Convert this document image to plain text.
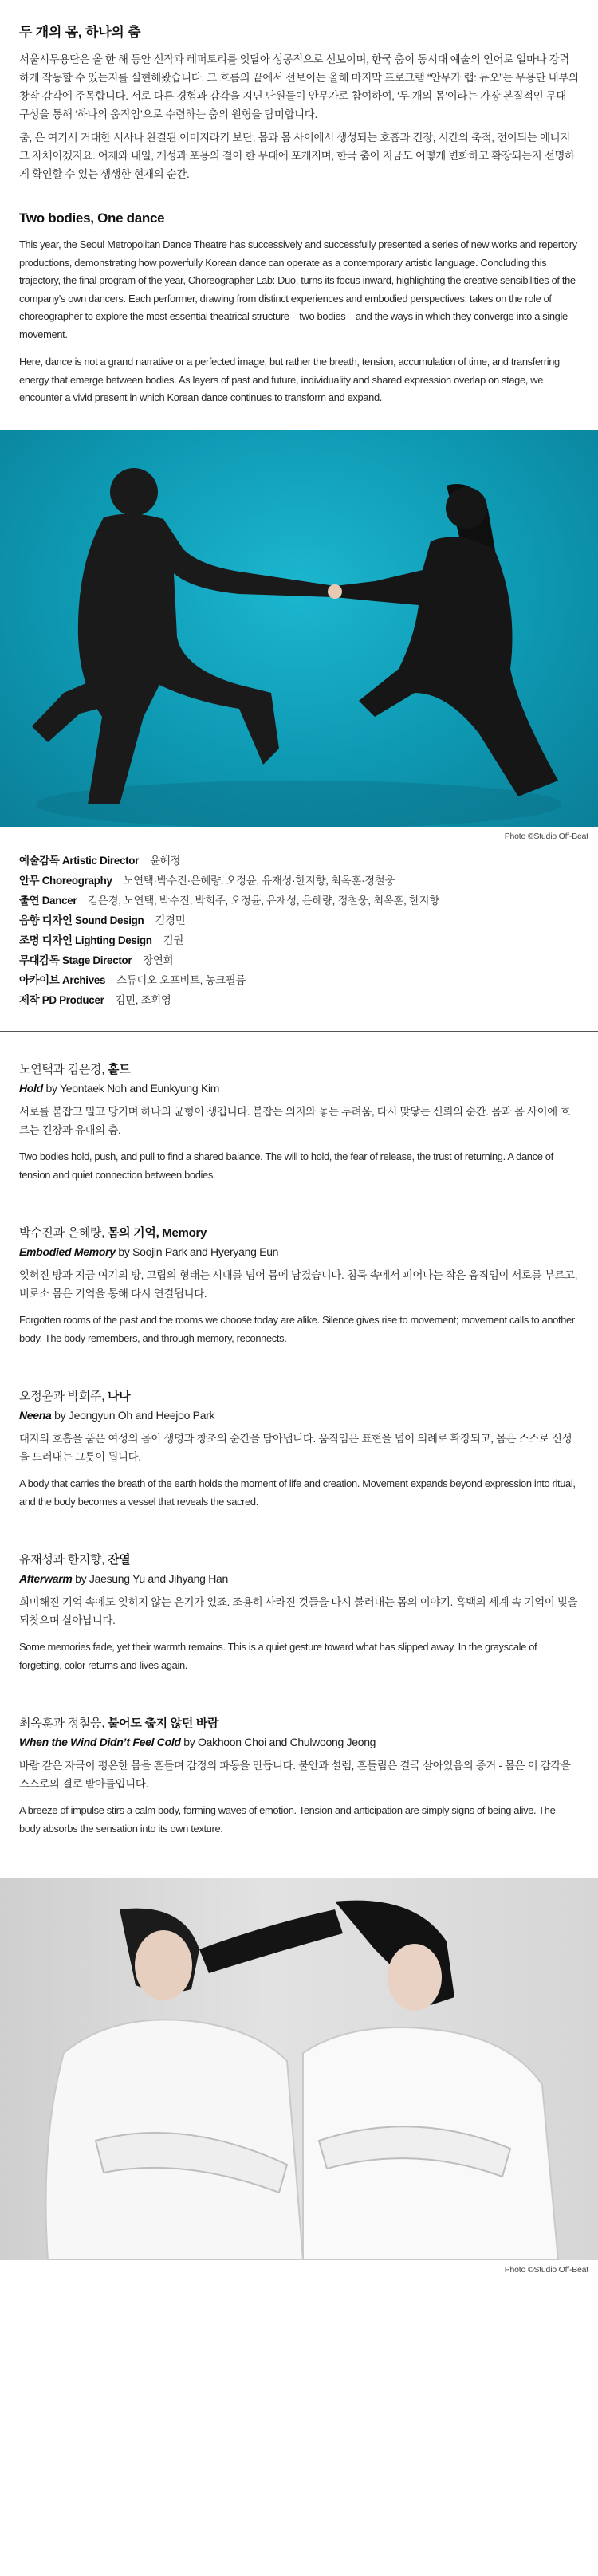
두 개의 몸, 하나의 춤

서울시무용단은 올 한 해 동안 신작과 레퍼토리를 잇달아 성공적으로 선보이며, 한국 춤이 동시대 예술의 언어로 얼마나 강력하게 작동할 수 있는지를 실현해왔습니다. 그 흐름의 끝에서 선보이는 올해 마지막 프로그램 “안무가 랩: 듀오”는 무용단 내부의 창작 감각에 주목합니다. 서로 다른 경험과 감각을 지닌 단원들이 안무가로 참여하여, ‘두 개의 몸’이라는 가장 본질적인 무대 구성을 통해 ‘하나의 움직임’으로 수렴하는 춤의 원형을 탐미합니다.

춤, 은 여기서 거대한 서사나 완결된 이미지라기 보단, 몸과 몸 사이에서 생성되는 호흡과 긴장, 시간의 축적, 전이되는 에너지 그 자체이겠지요. 어제와 내일, 개성과 포용의 결이 한 무대에 포개지며, 한국 춤이 지금도 어떻게 변화하고 확장되는지 선명하게 확인할 수 있는 생생한 현재의 순간.

Two bodies, One dance

This year, the Seoul Metropolitan Dance Theatre has successively and successfully presented a series of new works and repertory productions, demonstrating how powerfully Korean dance can operate as a contemporary artistic language. Concluding this trajectory, the final program of the year, Choreographer Lab: Duo, turns its focus inward, highlighting the creative sensibilities of the company's own dancers. Each performer, drawing from distinct experiences and embodied perspectives, takes on the role of choreographer to explore the most essential theatrical structure—two bodies—and the ways in which they converge into a single movement.

Here, dance is not a grand narrative or a perfected image, but rather the breath, tension, accumulation of time, and transferring energy that emerge between bodies. As layers of past and future, individuality and shared expression overlap on stage, we encounter a vivid present in which Korean dance continues to transform and expand.

Photo ©Studio Off-Beat
예술감독 Artistic Director 윤혜정
안무 Choreography 노연택·박수진·은혜량, 오정윤, 유재성·한지향, 최옥훈·정철웅
출연 Dancer 김은경, 노연택, 박수진, 박희주, 오정윤, 유재성, 은혜량, 정철웅, 최옥훈, 한지향
음향 디자인 Sound Design 김경민
조명 디자인 Lighting Design 김권
무대감독 Stage Director 장연희
아카이브 Archives 스튜디오 오프비트, 농크필름
제작 PD Producer 김민, 조휘영
노연택과 김은경, 홀드
Hold by Yeontaek Noh and Eunkyung Kim

서로를 붙잡고 밀고 당기며 하나의 균형이 생깁니다. 붙잡는 의지와 놓는 두려움, 다시 맞닿는 신뢰의 순간. 몸과 몸 사이에 흐르는 긴장과 유대의 춤.

Two bodies hold, push, and pull to find a shared balance. The will to hold, the fear of release, the trust of returning. A dance of tension and quiet connection between bodies.

박수진과 은혜량, 몸의 기억, Memory
Embodied Memory by Soojin Park and Hyeryang Eun

잊혀진 방과 지금 여기의 방, 고립의 형태는 시대를 넘어 몸에 남겼습니다. 침묵 속에서 피어나는 작은 움직임이 서로를 부르고, 비로소 몸은 기억을 통해 다시 연결됩니다.

Forgotten rooms of the past and the rooms we choose today are alike. Silence gives rise to movement; movement calls to another body. The body remembers, and through memory, reconnects.

오정윤과 박희주, 나나
Neena by Jeongyun Oh and Heejoo Park

대지의 호흡을 품은 여성의 몸이 생명과 창조의 순간을 담아냅니다. 움직임은 표현을 넘어 의례로 확장되고, 몸은 스스로 신성을 드러내는 그릇이 됩니다.

A body that carries the breath of the earth holds the moment of life and creation. Movement expands beyond expression into ritual, and the body becomes a vessel that reveals the sacred.

유재성과 한지향, 잔열
Afterwarm by Jaesung Yu and Jihyang Han

희미해진 기억 속에도 잊히지 않는 온기가 있죠. 조용히 사라진 것들을 다시 불러내는 몸의 이야기. 흑백의 세계 속 기억이 빛을 되찾으며 살아납니다.

Some memories fade, yet their warmth remains. This is a quiet gesture toward what has slipped away. In the grayscale of forgetting, color returns and lives again.

최옥훈과 정철웅, 불어도 춥지 않던 바람
When the Wind Didn’t Feel Cold by Oakhoon Choi and Chulwoong Jeong

바람 같은 자극이 평온한 몸을 흔들며 감정의 파동을 만듭니다. 불안과 설렘, 흔들림은 결국 살아있음의 증거 - 몸은 이 감각을 스스로의 결로 받아들입니다.

A breeze of impulse stirs a calm body, forming waves of emotion. Tension and anticipation are simply signs of being alive. The body absorbs the sensation into its own texture.

Photo ©Studio Off-Beat
